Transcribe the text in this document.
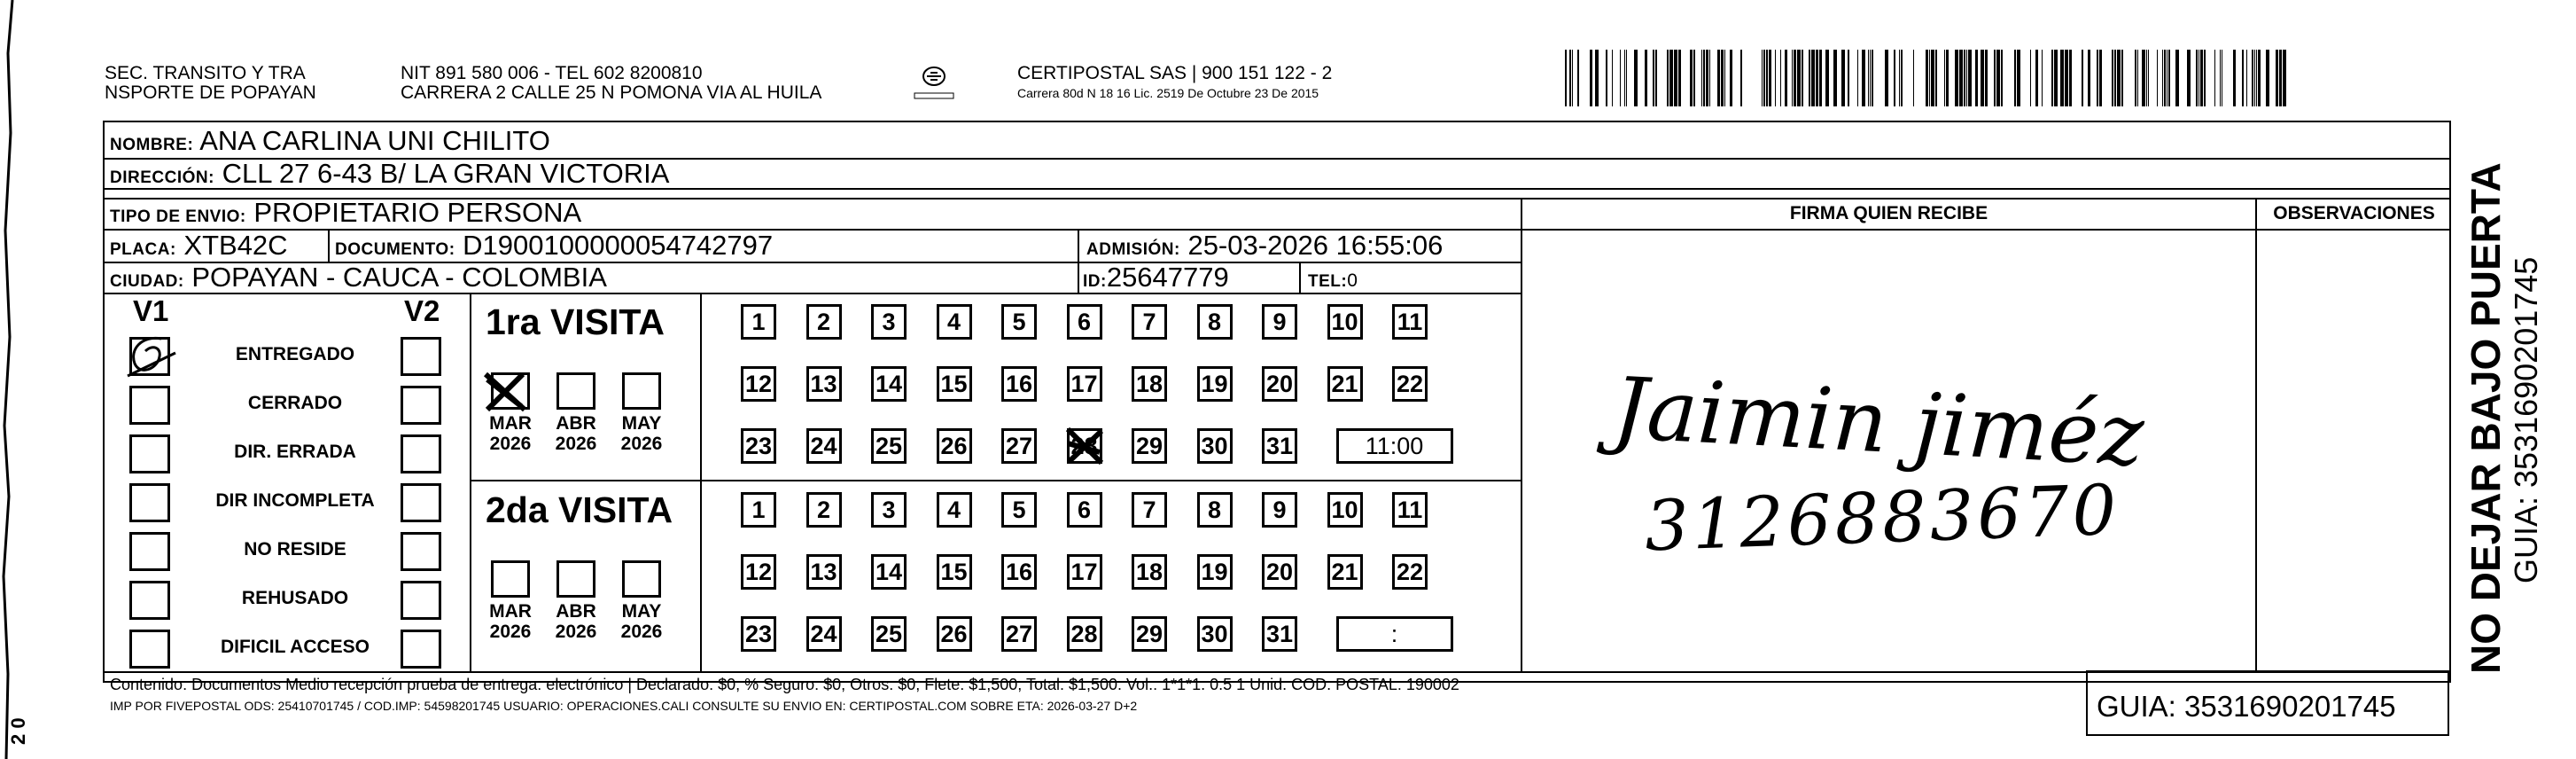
2 0
SEC. TRANSITO Y TRA
NSPORTE DE POPAYAN
NIT 891 580 006 - TEL 602 8200810
CARRERA 2 CALLE 25 N POMONA VIA AL HUILA
CERTIPOSTAL SAS | 900 151 122 - 2
Carrera 80d N 18 16 Lic. 2519 De Octubre 23 De 2015
NOMBRE: ANA CARLINA UNI CHILITO
DIRECCIÓN: CLL 27 6-43 B/ LA GRAN VICTORIA
TIPO DE ENVIO: PROPIETARIO PERSONA
PLACA: XTB42C	DOCUMENTO: D1900100000054742797	ADMISIÓN: 25-03-2026 16:55:06
CIUDAD: POPAYAN - CAUCA - COLOMBIA	ID:25647779	TEL:0
FIRMA QUIEN RECIBE	OBSERVACIONES
V1	V2
ENTREGADO
CERRADO
DIR. ERRADA
DIR INCOMPLETA
NO RESIDE
REHUSADO
DIFICIL ACCESO
1ra VISITA
2da VISITA
MAR
2026
ABR
2026
MAY
2026
MAR
2026
ABR
2026
MAY
2026
1	2	3	4	5	6	7	8	9	10 11
12 13 14 15 16 17 18 19 20 21 22
23 24 25 26 27 28 29 30 31	11:00
1	2	3	4	5	6	7	8	9	10 11
12 13 14 15 16 17 18 19 20 21 22
23 24 25 26 27 28 29 30 31	:
Jaimin jiméz
3126883670
Contenido: Documentos Medio recepción prueba de entrega: electrónico | Declarado: $0, % Seguro: $0, Otros: $0, Flete: $1,500, Total: $1,500. Vol.: 1*1*1. 0.5 1 Unid. COD. POSTAL: 190002
IMP POR FIVEPOSTAL ODS: 25410701745 / COD.IMP: 54598201745 USUARIO: OPERACIONES.CALI CONSULTE SU ENVIO EN: CERTIPOSTAL.COM SOBRE ETA: 2026-03-27 D+2	GUIA: 3531690201745
NO DEJAR BAJO PUERTA GUIA: 3531690201745
